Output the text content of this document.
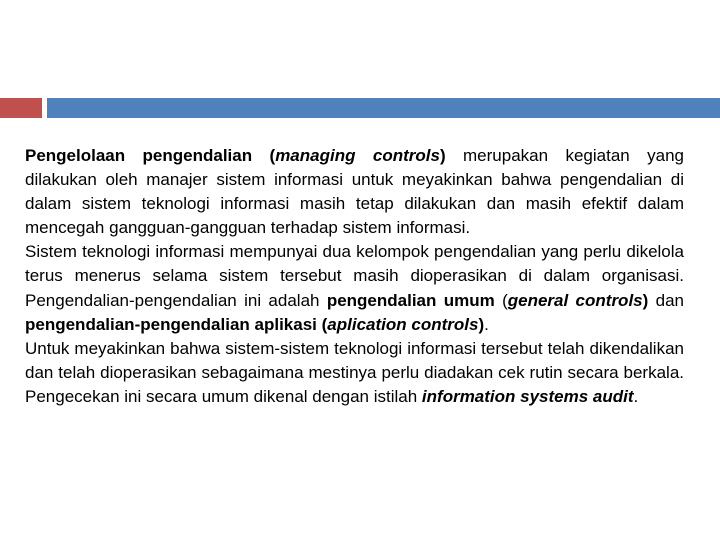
Pengelolaan pengendalian (managing controls) merupakan kegiatan yang dilakukan oleh manajer sistem informasi untuk meyakinkan bahwa pengendalian di dalam sistem teknologi informasi masih tetap dilakukan dan masih efektif dalam mencegah gangguan-gangguan terhadap sistem informasi.

Sistem teknologi informasi mempunyai dua kelompok pengendalian yang perlu dikelola terus menerus selama sistem tersebut masih dioperasikan di dalam organisasi. Pengendalian-pengendalian ini adalah pengendalian umum (general controls) dan pengendalian-pengendalian aplikasi (aplication controls).

Untuk meyakinkan bahwa sistem-sistem teknologi informasi tersebut telah dikendalikan dan telah dioperasikan sebagaimana mestinya perlu diadakan cek rutin secara berkala. Pengecekan ini secara umum dikenal dengan istilah information systems audit.
